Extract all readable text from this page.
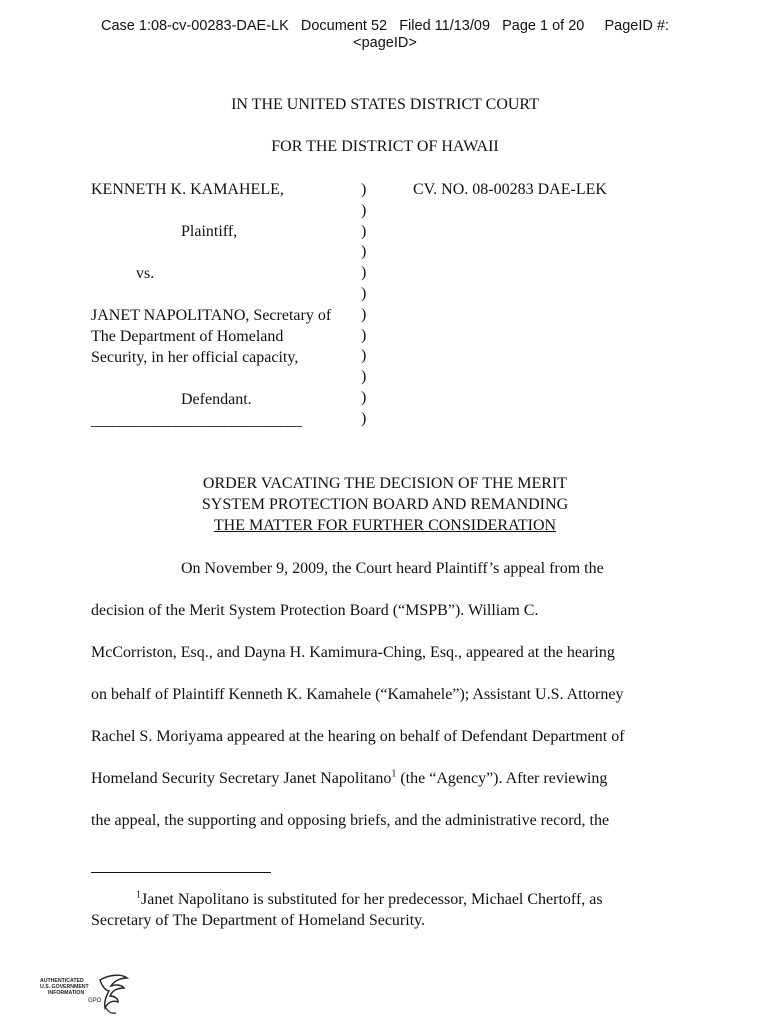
Case 1:08-cv-00283-DAE-LK   Document 52   Filed 11/13/09   Page 1 of 20     PageID #:
<pageID>
IN THE UNITED STATES DISTRICT COURT
FOR THE DISTRICT OF HAWAII
KENNETH K. KAMAHELE,
Plaintiff,
vs.
JANET NAPOLITANO, Secretary of
The Department of Homeland
Security, in her official capacity,
Defendant.
______________________________
)
)
)
)
)
)
)
)
)
)
)
)
CV. NO. 08-00283 DAE-LEK
ORDER VACATING THE DECISION OF THE MERIT
SYSTEM PROTECTION BOARD AND REMANDING
THE MATTER FOR FURTHER CONSIDERATION
On November 9, 2009, the Court heard Plaintiff’s appeal from the
decision of the Merit System Protection Board (“MSPB”). William C.
McCorriston, Esq., and Dayna H. Kamimura-Ching, Esq., appeared at the hearing
on behalf of Plaintiff Kenneth K. Kamahele (“Kamahele”); Assistant U.S. Attorney
Rachel S. Moriyama appeared at the hearing on behalf of Defendant Department of
Homeland Security Secretary Janet Napolitano$^1$ (the “Agency”). After reviewing
the appeal, the supporting and opposing briefs, and the administrative record, the
$^1$Janet Napolitano is substituted for her predecessor, Michael Chertoff, as
Secretary of The Department of Homeland Security.
AUTHENTICATED
U.S. GOVERNMENT
INFORMATION
GPO
